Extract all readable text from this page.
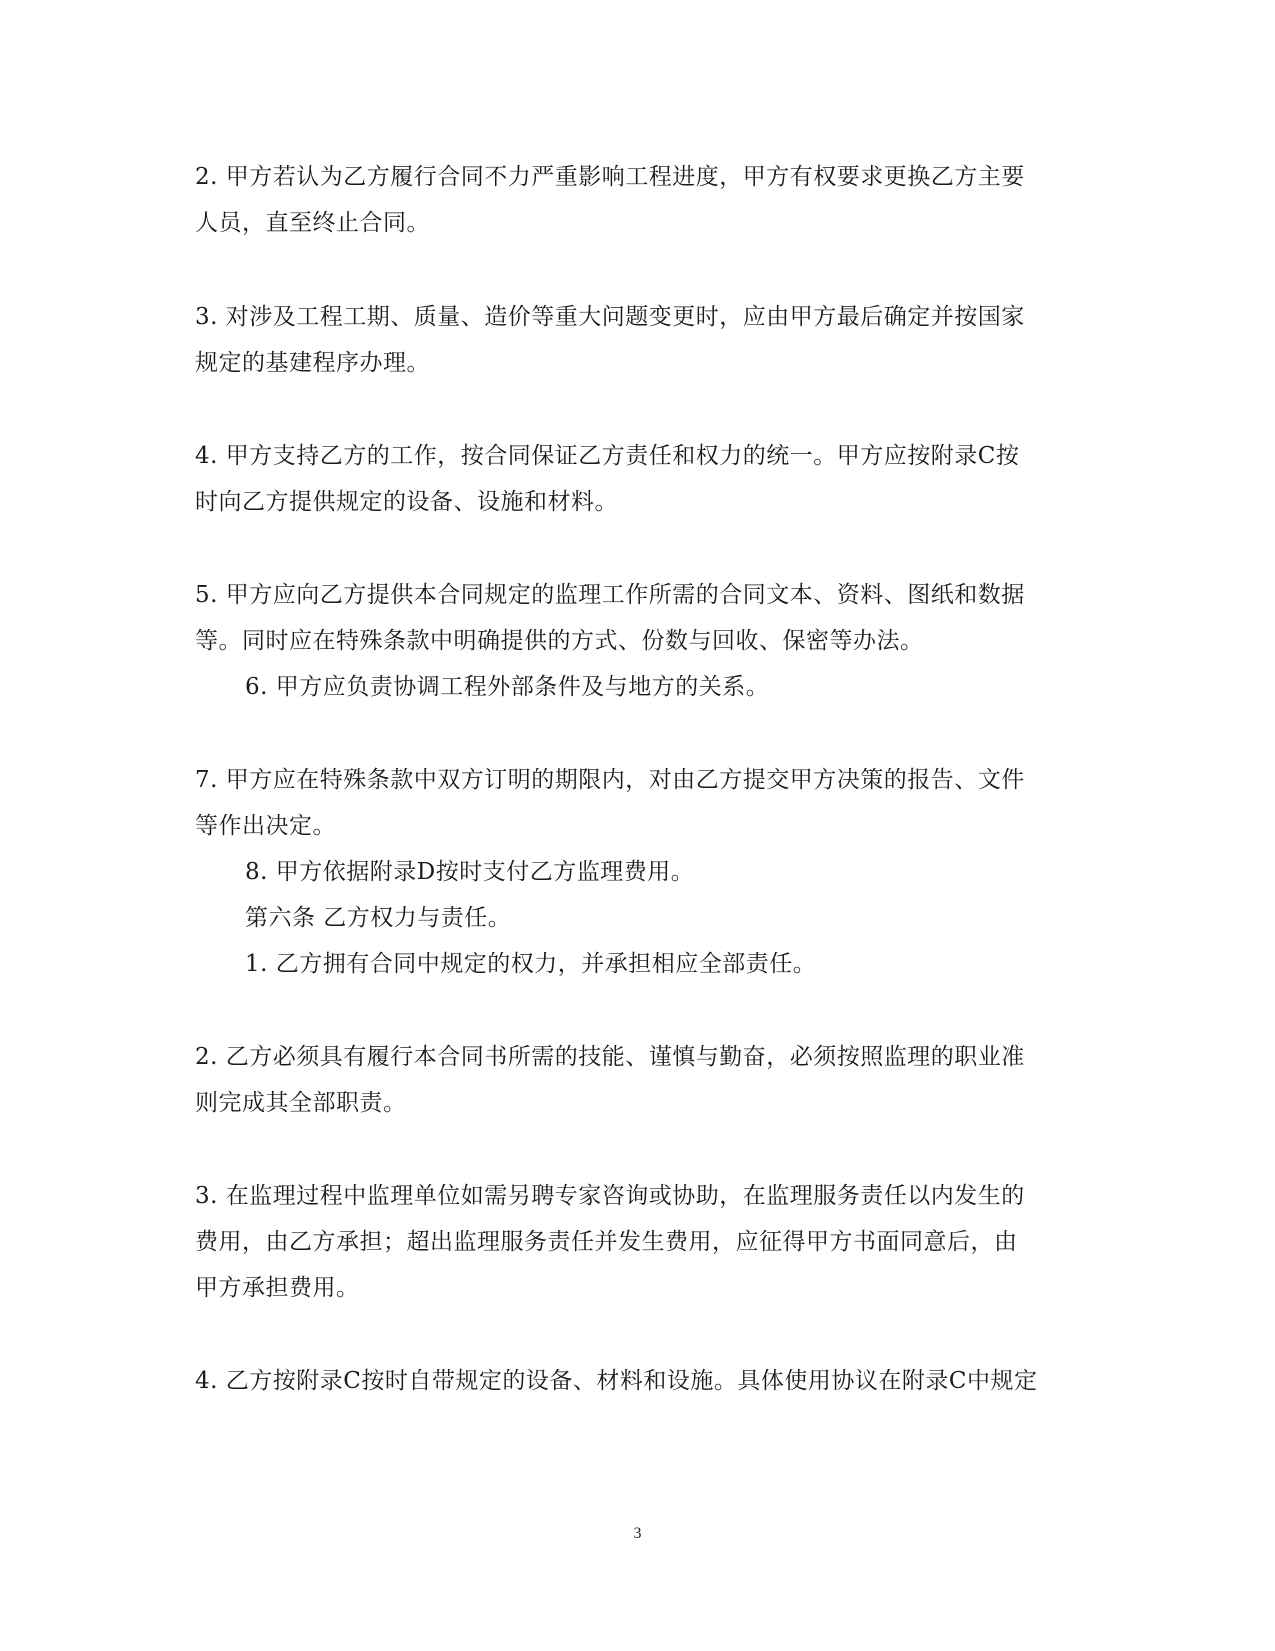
2. 甲方若认为乙方履行合同不力严重影响工程进度，甲方有权要求更换乙方主要
人员，直至终止合同。
3. 对涉及工程工期、质量、造价等重大问题变更时，应由甲方最后确定并按国家
规定的基建程序办理。
4. 甲方支持乙方的工作，按合同保证乙方责任和权力的统一。甲方应按附录C按
时向乙方提供规定的设备、设施和材料。
5. 甲方应向乙方提供本合同规定的监理工作所需的合同文本、资料、图纸和数据
等。同时应在特殊条款中明确提供的方式、份数与回收、保密等办法。
6. 甲方应负责协调工程外部条件及与地方的关系。
7. 甲方应在特殊条款中双方订明的期限内，对由乙方提交甲方决策的报告、文件
等作出决定。
8. 甲方依据附录D按时支付乙方监理费用。
第六条 乙方权力与责任。
1. 乙方拥有合同中规定的权力，并承担相应全部责任。
2. 乙方必须具有履行本合同书所需的技能、谨慎与勤奋，必须按照监理的职业准
则完成其全部职责。
3. 在监理过程中监理单位如需另聘专家咨询或协助，在监理服务责任以内发生的
费用，由乙方承担；超出监理服务责任并发生费用，应征得甲方书面同意后，由
甲方承担费用。
4. 乙方按附录C按时自带规定的设备、材料和设施。具体使用协议在附录C中规定
3
